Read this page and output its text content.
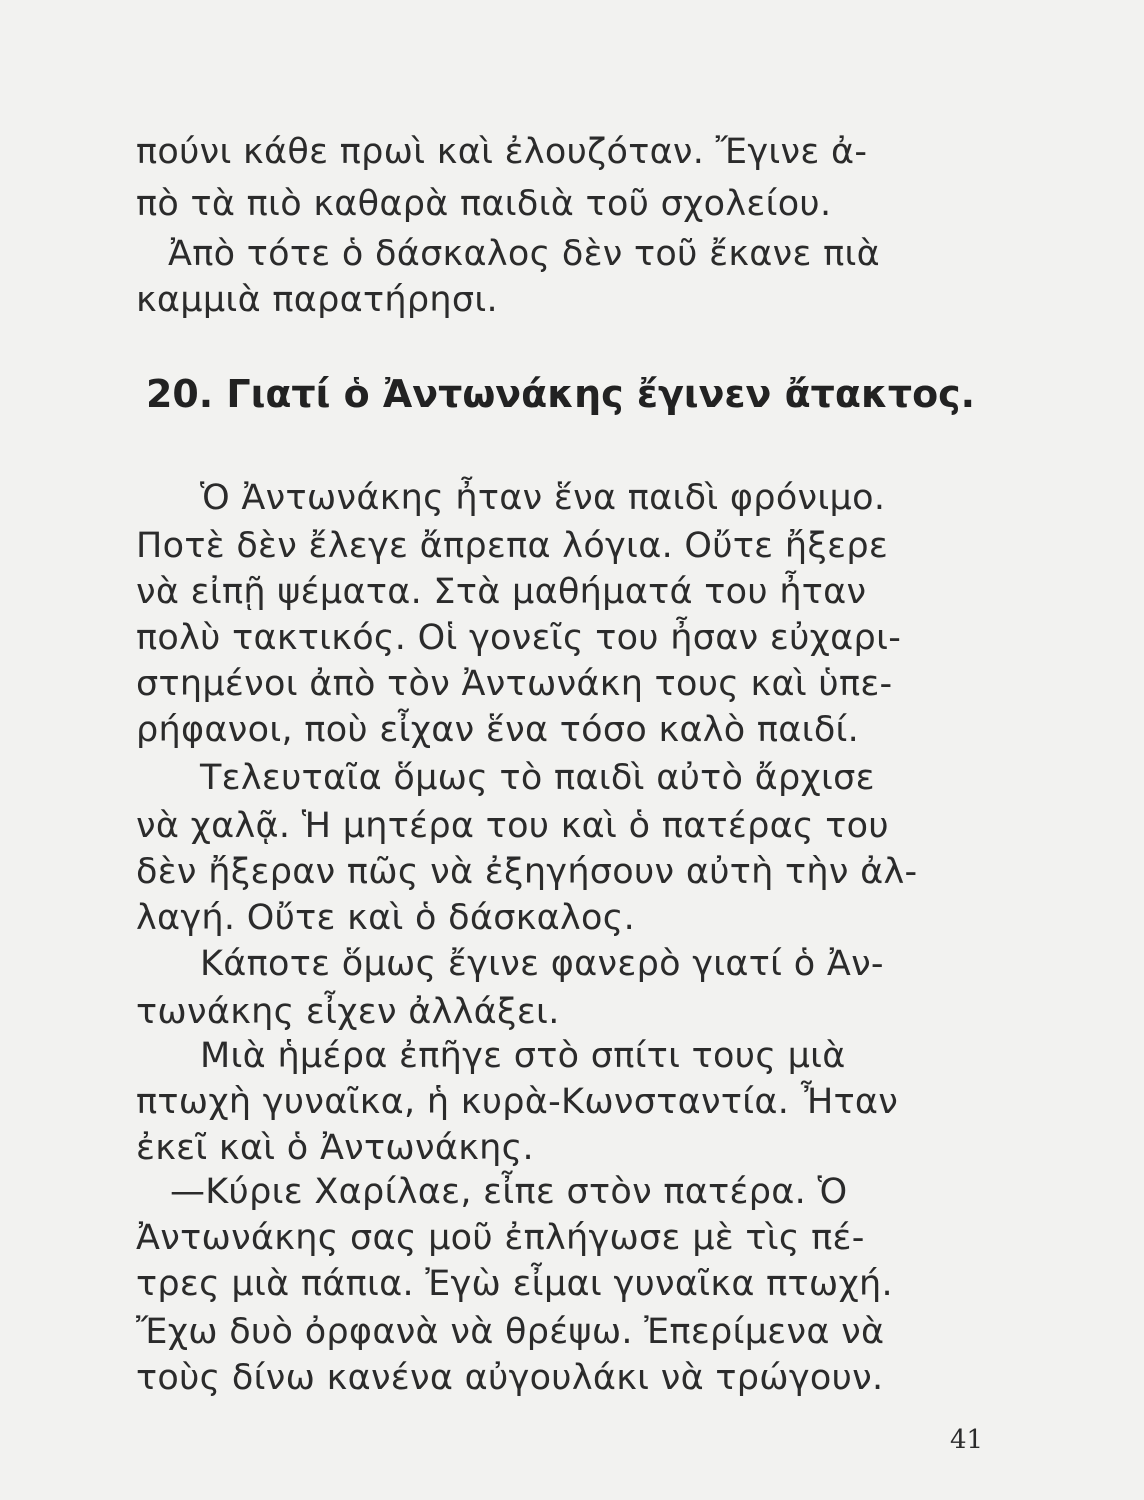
πούνι κάθε πρωὶ καὶ ἐλουζόταν. Ἔγινε ἀ-
πὸ τὰ πιὸ καθαρὰ παιδιὰ τοῦ σχολείου.
Ἀπὸ τότε ὁ δάσκαλος δὲν τοῦ ἔκανε πιὰ
καμμιὰ παρατήρησι.
20. Γιατί ὁ Ἀντωνάκης ἔγινεν ἄτακτος.
Ὁ Ἀντωνάκης ἦταν ἕνα παιδὶ φρόνιμο.
Ποτὲ δὲν ἔλεγε ἄπρεπα λόγια. Οὔτε ἤξερε
νὰ εἰπῇ ψέματα. Στὰ μαθήματά του ἦταν
πολὺ τακτικός. Οἱ γονεῖς του ἦσαν εὐχαρι-
στημένοι ἀπὸ τὸν Ἀντωνάκη τους καὶ ὑπε-
ρήφανοι, ποὺ εἶχαν ἕνα τόσο καλὸ παιδί.
Τελευταῖα ὅμως τὸ παιδὶ αὐτὸ ἄρχισε
νὰ χαλᾷ. Ἡ μητέρα του καὶ ὁ πατέρας του
δὲν ἤξεραν πῶς νὰ ἐξηγήσουν αὐτὴ τὴν ἀλ-
λαγή. Οὔτε καὶ ὁ δάσκαλος.
Κάποτε ὅμως ἔγινε φανερὸ γιατί ὁ Ἀν-
τωνάκης εἶχεν ἀλλάξει.
Μιὰ ἡμέρα ἐπῆγε στὸ σπίτι τους μιὰ
πτωχὴ γυναῖκα, ἡ κυρὰ-Κωνσταντία. Ἦταν
ἐκεῖ καὶ ὁ Ἀντωνάκης.
—Κύριε Χαρίλαε, εἶπε στὸν πατέρα. Ὁ
Ἀντωνάκης σας μοῦ ἐπλήγωσε μὲ τὶς πέ-
τρες μιὰ πάπια. Ἐγὼ εἶμαι γυναῖκα πτωχή.
Ἔχω δυὸ ὀρφανὰ νὰ θρέψω. Ἐπερίμενα νὰ
τοὺς δίνω κανένα αὐγουλάκι νὰ τρώγουν.
41
